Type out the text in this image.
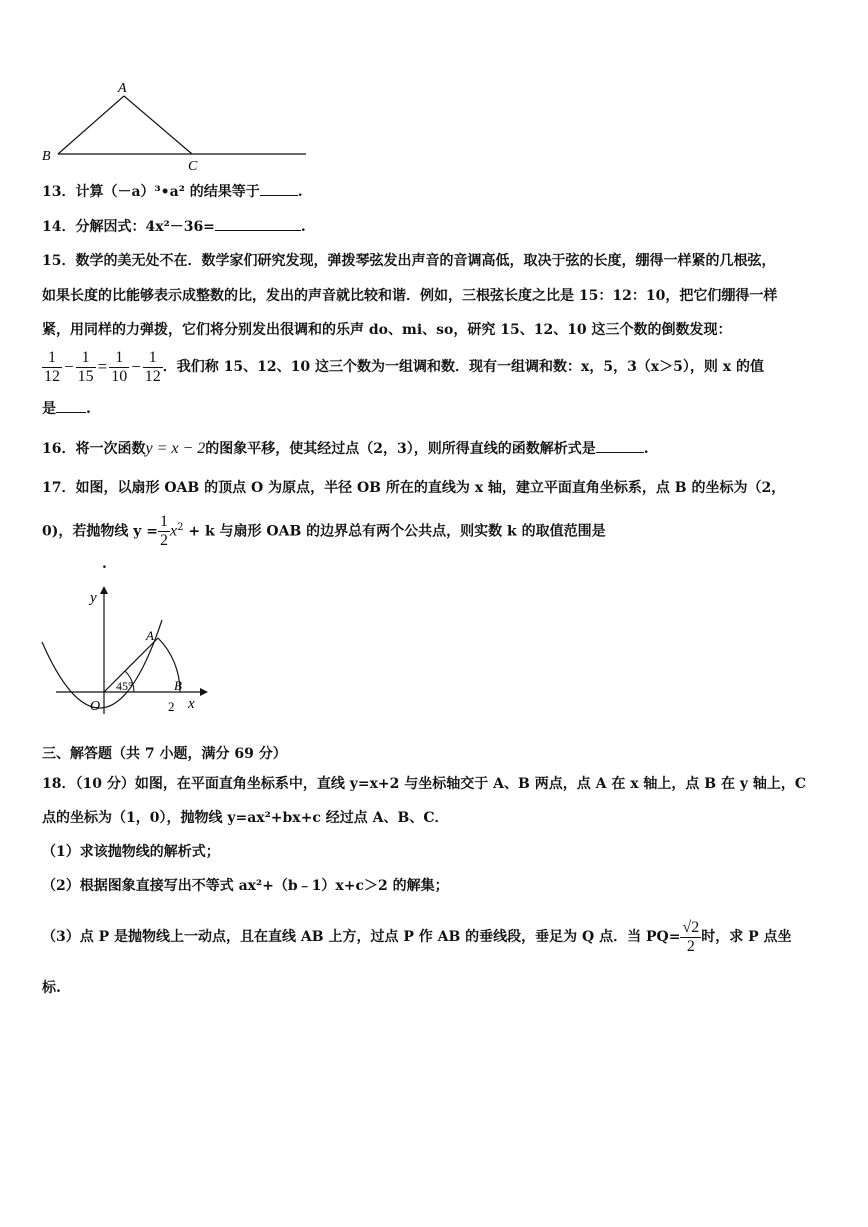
A
B
C
13．计算（－a）³•a² 的结果等于	.
14．分解因式：4x²－36=	.
15．数学的美无处不在．数学家们研究发现，弹拨琴弦发出声音的音调高低，取决于弦的长度，绷得一样紧的几根弦，
如果长度的比能够表示成整数的比，发出的声音就比较和谐．例如，三根弦长度之比是 15：12：10，把它们绷得一样
紧，用同样的力弹拨，它们将分别发出很调和的乐声 do、mi、so，研究 15、12、10 这三个数的倒数发现：
$\frac{1}{12} - \frac{1}{15} = \frac{1}{10} - \frac{1}{12}$ ．我们称 15、12、10 这三个数为一组调和数．现有一组调和数：x，5，3（x＞5），则 x 的值
是 .
16．将一次函数y = x − 2的图象平移，使其经过点（2，3），则所得直线的函数解析式是	.
17．如图，以扇形 OAB 的顶点 O 为原点，半径 OB 所在的直线为 x 轴，建立平面直角坐标系，点 B 的坐标为（2，
0)，若抛物线 $y = \frac{1}{2} x^2 + k$ 与扇形 OAB 的边界总有两个公共点，则实数 k 的取值范围是
.
y
x
O
A
B
2
45°
三、解答题（共 7 小题，满分 69 分）
18．（10 分）如图，在平面直角坐标系中，直线 y=x+2 与坐标轴交于 A、B 两点，点 A 在 x 轴上，点 B 在 y 轴上，C
点的坐标为（1，0），抛物线 y=ax²+bx+c 经过点 A、B、C．
（1）求该抛物线的解析式；
（2）根据图象直接写出不等式 ax²+（b﹣1）x+c＞2 的解集；
（3）点 P 是抛物线上一动点，且在直线 AB 上方，过点 P 作 AB 的垂线段，垂足为 Q 点．当 $PQ= \frac{√2}{2}$ 时，求 P 点坐
标.
